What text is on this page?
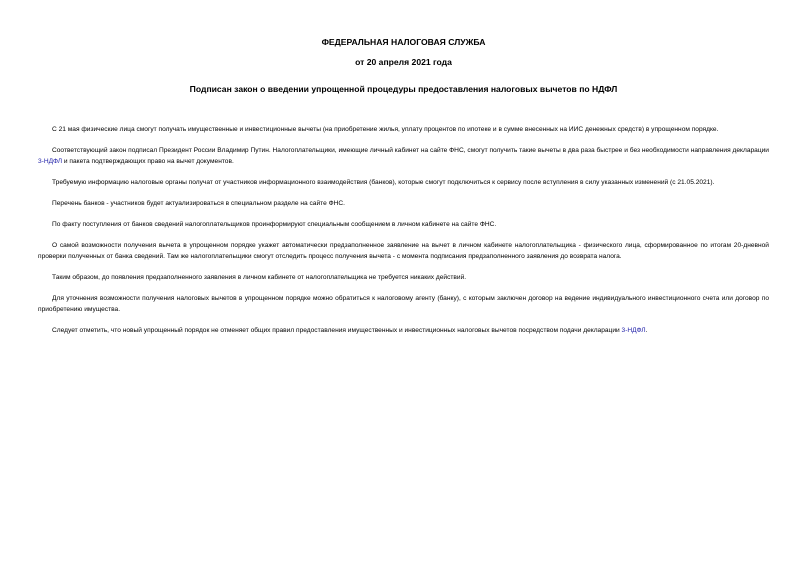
ФЕДЕРАЛЬНАЯ НАЛОГОВАЯ СЛУЖБА

от 20 апреля 2021 года

Подписан закон о введении упрощенной процедуры предоставления налоговых вычетов по НДФЛ

С 21 мая физические лица смогут получать имущественные и инвестиционные вычеты (на приобретение жилья, уплату процентов по ипотеке и в сумме внесенных на ИИС денежных средств) в упрощенном порядке.

Соответствующий закон подписал Президент России Владимир Путин. Налогоплательщики, имеющие личный кабинет на сайте ФНС, смогут получить такие вычеты в два раза быстрее и без необходимости направления декларации 3-НДФЛ и пакета подтверждающих право на вычет документов.

Требуемую информацию налоговые органы получат от участников информационного взаимодействия (банков), которые смогут подключиться к сервису после вступления в силу указанных изменений (с 21.05.2021).

Перечень банков - участников будет актуализироваться в специальном разделе на сайте ФНС.

По факту поступления от банков сведений налогоплательщиков проинформируют специальным сообщением в личном кабинете на сайте ФНС.

О самой возможности получения вычета в упрощенном порядке укажет автоматически предзаполненное заявление на вычет в личном кабинете налогоплательщика - физического лица, сформированное по итогам 20-дневной проверки полученных от банка сведений. Там же налогоплательщики смогут отследить процесс получения вычета - с момента подписания предзаполненного заявления до возврата налога.

Таким образом, до появления предзаполненного заявления в личном кабинете от налогоплательщика не требуется никаких действий.

Для уточнения возможности получения налоговых вычетов в упрощенном порядке можно обратиться к налоговому агенту (банку), с которым заключен договор на ведение индивидуального инвестиционного счета или договор по приобретению имущества.

Следует отметить, что новый упрощенный порядок не отменяет общих правил предоставления имущественных и инвестиционных налоговых вычетов посредством подачи декларации 3-НДФЛ.
